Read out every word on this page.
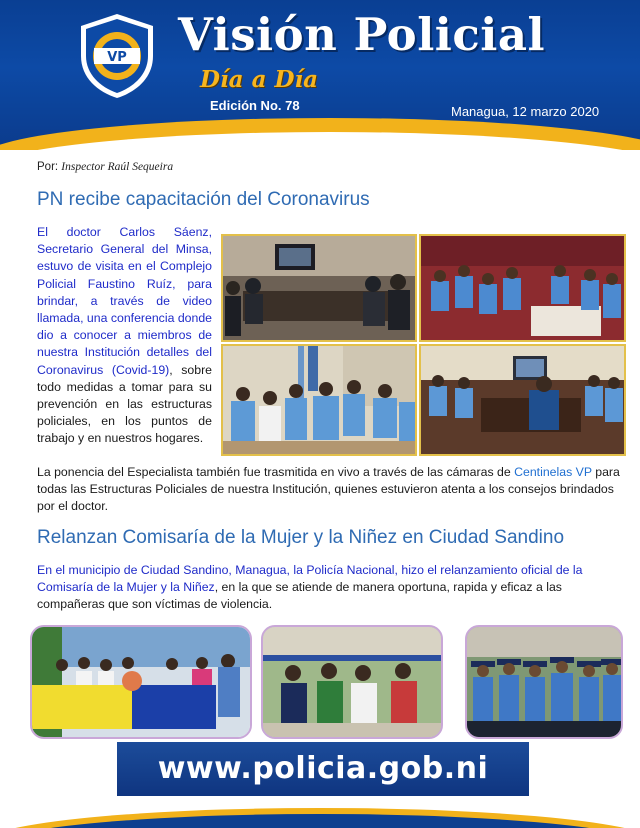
VP Visión Policial
Día a Día
Edición No. 78	Managua, 12 marzo 2020
Por: Inspector Raúl Sequeira
PN recibe capacitación del Coronavirus
El doctor Carlos Sáenz, Secretario General del Minsa, estuvo de visita en el Complejo Policial Faustino Ruíz, para brindar, a través de video llamada, una conferencia donde dio a conocer a miembros de nuestra Institución detalles del Coronavirus (Covid-19), sobre todo medidas a tomar para su prevención en las estructuras policiales, en los puntos de trabajo y en nuestros hogares.
La ponencia del Especialista también fue trasmitida en vivo a través de las cámaras de Centinelas VP para todas las Estructuras Policiales de nuestra Institución, quienes estuvieron atenta a los consejos brindados por el doctor.
Relanzan Comisaría de la Mujer y la Niñez en Ciudad Sandino
En el municipio de Ciudad Sandino, Managua, la Policía Nacional, hizo el relanzamiento oficial de la Comisaría de la Mujer y la Niñez, en la que se atiende de manera oportuna, rapida y eficaz a las compañeras que son víctimas de violencia.
www.policia.gob.ni
